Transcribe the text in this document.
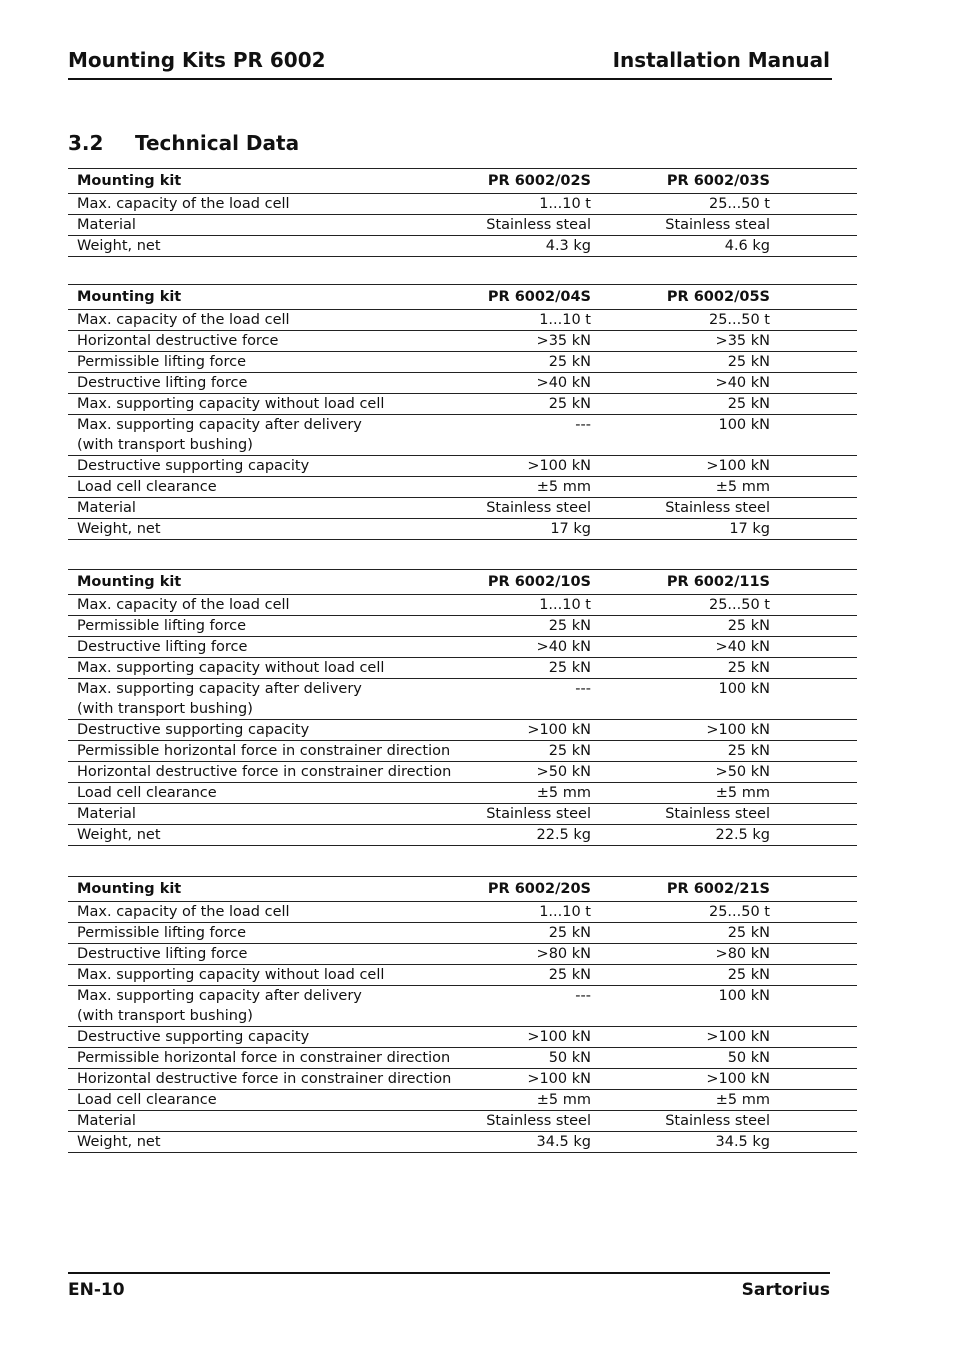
Mounting Kits PR 6002	Installation Manual
3.2 Technical Data
Mounting kit	PR 6002/02S	PR 6002/03S	
Max. capacity of the load cell	1...10 t	25...50 t	
Material	Stainless steal	Stainless steal	
Weight, net	4.3 kg	4.6 kg	
Mounting kit	PR 6002/04S	PR 6002/05S	
Max. capacity of the load cell	1...10 t	25...50 t	
Horizontal destructive force	>35 kN	>35 kN	
Permissible lifting force	25 kN	25 kN	
Destructive lifting force	>40 kN	>40 kN	
Max. supporting capacity without load cell	25 kN	25 kN	
Max. supporting capacity after delivery
(with transport bushing)	---	100 kN	
Destructive supporting capacity	>100 kN	>100 kN	
Load cell clearance	±5 mm	±5 mm	
Material	Stainless steel	Stainless steel	
Weight, net	17 kg	17 kg	
Mounting kit	PR 6002/10S	PR 6002/11S	
Max. capacity of the load cell	1...10 t	25...50 t	
Permissible lifting force	25 kN	25 kN	
Destructive lifting force	>40 kN	>40 kN	
Max. supporting capacity without load cell	25 kN	25 kN	
Max. supporting capacity after delivery
(with transport bushing)	---	100 kN	
Destructive supporting capacity	>100 kN	>100 kN	
Permissible horizontal force in constrainer direction	25 kN	25 kN	
Horizontal destructive force in constrainer direction	>50 kN	>50 kN	
Load cell clearance	±5 mm	±5 mm	
Material	Stainless steel	Stainless steel	
Weight, net	22.5 kg	22.5 kg	
Mounting kit	PR 6002/20S	PR 6002/21S	
Max. capacity of the load cell	1...10 t	25...50 t	
Permissible lifting force	25 kN	25 kN	
Destructive lifting force	>80 kN	>80 kN	
Max. supporting capacity without load cell	25 kN	25 kN	
Max. supporting capacity after delivery
(with transport bushing)	---	100 kN	
Destructive supporting capacity	>100 kN	>100 kN	
Permissible horizontal force in constrainer direction	50 kN	50 kN	
Horizontal destructive force in constrainer direction	>100 kN	>100 kN	
Load cell clearance	±5 mm	±5 mm	
Material	Stainless steel	Stainless steel	
Weight, net	34.5 kg	34.5 kg	
EN-10	Sartorius
